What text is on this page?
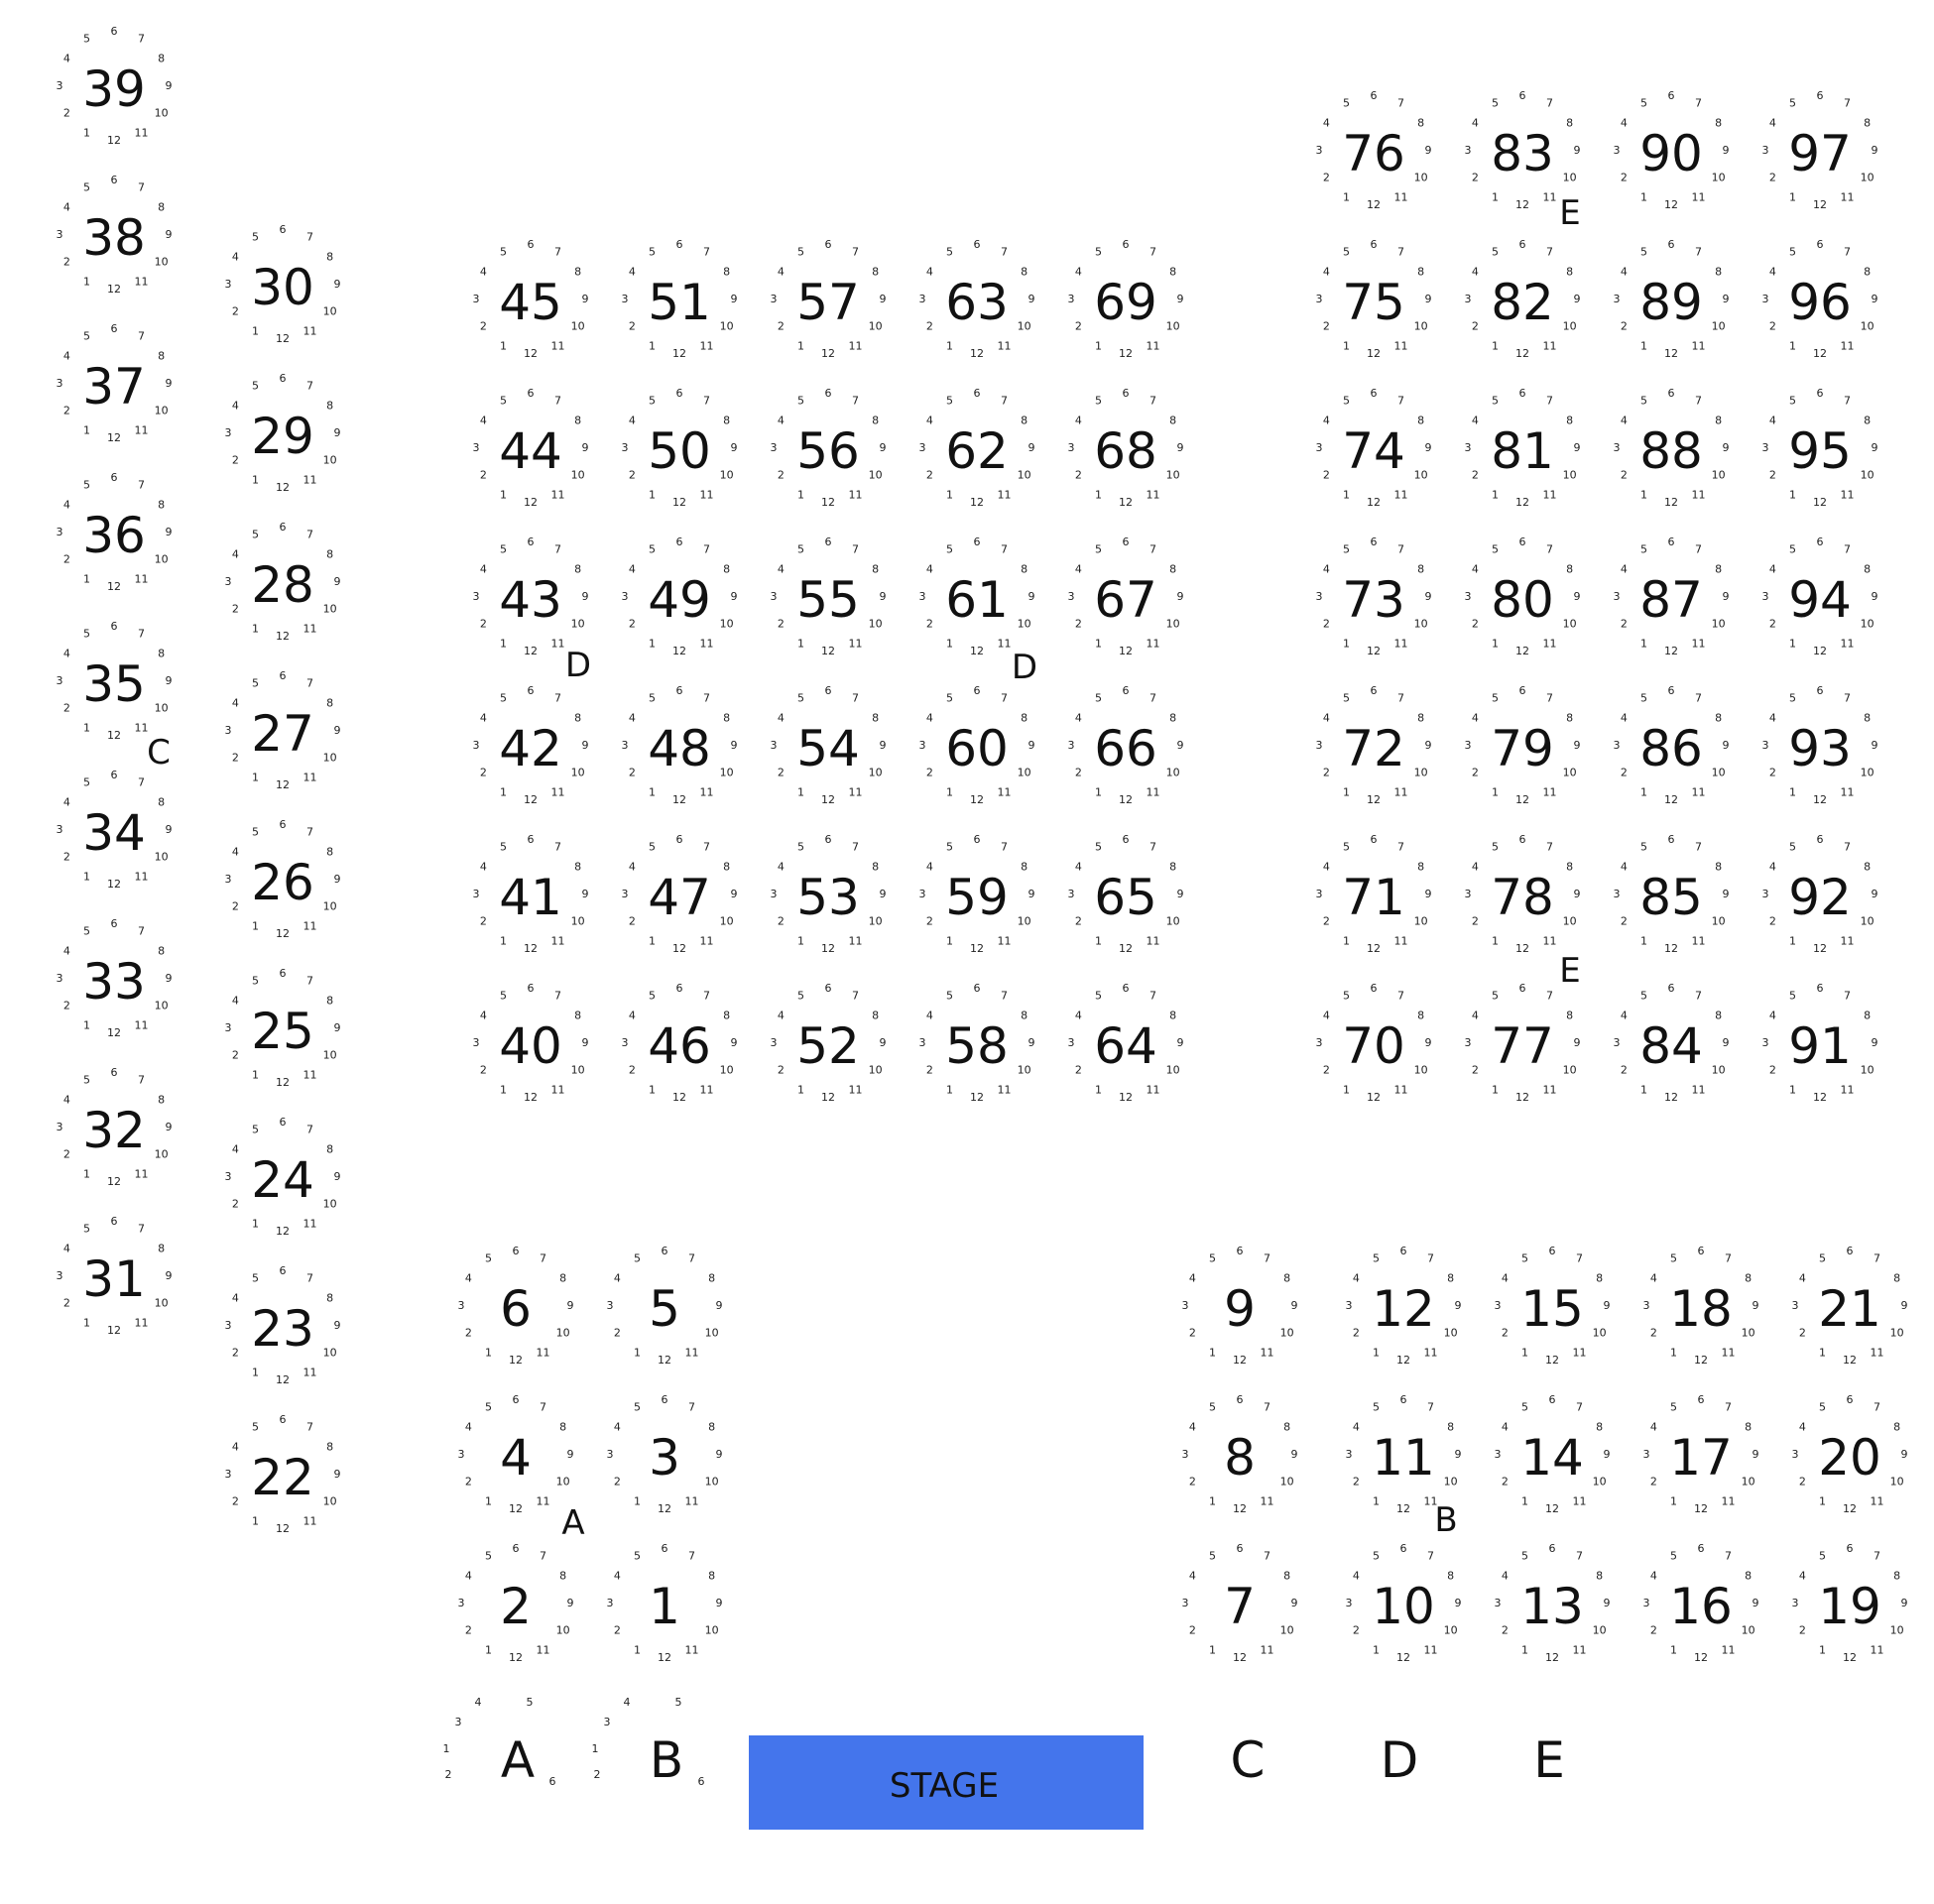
1
2
3
4
5
6
7
8
9
10
11
12
39
1
2
3
4
5
6
7
8
9
10
11
12
38
1
2
3
4
5
6
7
8
9
10
11
12
37
1
2
3
4
5
6
7
8
9
10
11
12
36
1
2
3
4
5
6
7
8
9
10
11
12
35
1
2
3
4
5
6
7
8
9
10
11
12
34
1
2
3
4
5
6
7
8
9
10
11
12
33
1
2
3
4
5
6
7
8
9
10
11
12
32
1
2
3
4
5
6
7
8
9
10
11
12
31
1
2
3
4
5
6
7
8
9
10
11
12
30
1
2
3
4
5
6
7
8
9
10
11
12
29
1
2
3
4
5
6
7
8
9
10
11
12
28
1
2
3
4
5
6
7
8
9
10
11
12
27
1
2
3
4
5
6
7
8
9
10
11
12
26
1
2
3
4
5
6
7
8
9
10
11
12
25
1
2
3
4
5
6
7
8
9
10
11
12
24
1
2
3
4
5
6
7
8
9
10
11
12
23
1
2
3
4
5
6
7
8
9
10
11
12
22
1
2
3
4
5
6
7
8
9
10
11
12
45
1
2
3
4
5
6
7
8
9
10
11
12
44
1
2
3
4
5
6
7
8
9
10
11
12
43
1
2
3
4
5
6
7
8
9
10
11
12
42
1
2
3
4
5
6
7
8
9
10
11
12
41
1
2
3
4
5
6
7
8
9
10
11
12
40
1
2
3
4
5
6
7
8
9
10
11
12
51
1
2
3
4
5
6
7
8
9
10
11
12
50
1
2
3
4
5
6
7
8
9
10
11
12
49
1
2
3
4
5
6
7
8
9
10
11
12
48
1
2
3
4
5
6
7
8
9
10
11
12
47
1
2
3
4
5
6
7
8
9
10
11
12
46
1
2
3
4
5
6
7
8
9
10
11
12
57
1
2
3
4
5
6
7
8
9
10
11
12
56
1
2
3
4
5
6
7
8
9
10
11
12
55
1
2
3
4
5
6
7
8
9
10
11
12
54
1
2
3
4
5
6
7
8
9
10
11
12
53
1
2
3
4
5
6
7
8
9
10
11
12
52
1
2
3
4
5
6
7
8
9
10
11
12
63
1
2
3
4
5
6
7
8
9
10
11
12
62
1
2
3
4
5
6
7
8
9
10
11
12
61
1
2
3
4
5
6
7
8
9
10
11
12
60
1
2
3
4
5
6
7
8
9
10
11
12
59
1
2
3
4
5
6
7
8
9
10
11
12
58
1
2
3
4
5
6
7
8
9
10
11
12
69
1
2
3
4
5
6
7
8
9
10
11
12
68
1
2
3
4
5
6
7
8
9
10
11
12
67
1
2
3
4
5
6
7
8
9
10
11
12
66
1
2
3
4
5
6
7
8
9
10
11
12
65
1
2
3
4
5
6
7
8
9
10
11
12
64
1
2
3
4
5
6
7
8
9
10
11
12
76
1
2
3
4
5
6
7
8
9
10
11
12
75
1
2
3
4
5
6
7
8
9
10
11
12
74
1
2
3
4
5
6
7
8
9
10
11
12
73
1
2
3
4
5
6
7
8
9
10
11
12
72
1
2
3
4
5
6
7
8
9
10
11
12
71
1
2
3
4
5
6
7
8
9
10
11
12
70
1
2
3
4
5
6
7
8
9
10
11
12
83
1
2
3
4
5
6
7
8
9
10
11
12
82
1
2
3
4
5
6
7
8
9
10
11
12
81
1
2
3
4
5
6
7
8
9
10
11
12
80
1
2
3
4
5
6
7
8
9
10
11
12
79
1
2
3
4
5
6
7
8
9
10
11
12
78
1
2
3
4
5
6
7
8
9
10
11
12
77
1
2
3
4
5
6
7
8
9
10
11
12
90
1
2
3
4
5
6
7
8
9
10
11
12
89
1
2
3
4
5
6
7
8
9
10
11
12
88
1
2
3
4
5
6
7
8
9
10
11
12
87
1
2
3
4
5
6
7
8
9
10
11
12
86
1
2
3
4
5
6
7
8
9
10
11
12
85
1
2
3
4
5
6
7
8
9
10
11
12
84
1
2
3
4
5
6
7
8
9
10
11
12
97
1
2
3
4
5
6
7
8
9
10
11
12
96
1
2
3
4
5
6
7
8
9
10
11
12
95
1
2
3
4
5
6
7
8
9
10
11
12
94
1
2
3
4
5
6
7
8
9
10
11
12
93
1
2
3
4
5
6
7
8
9
10
11
12
92
1
2
3
4
5
6
7
8
9
10
11
12
91
1
2
3
4
5
6
7
8
9
10
11
12
6
1
2
3
4
5
6
7
8
9
10
11
12
5
1
2
3
4
5
6
7
8
9
10
11
12
4
1
2
3
4
5
6
7
8
9
10
11
12
3
1
2
3
4
5
6
7
8
9
10
11
12
2
1
2
3
4
5
6
7
8
9
10
11
12
1
1
2
3
4
5
6
7
8
9
10
11
12
9
1
2
3
4
5
6
7
8
9
10
11
12
8
1
2
3
4
5
6
7
8
9
10
11
12
7
1
2
3
4
5
6
7
8
9
10
11
12
12
1
2
3
4
5
6
7
8
9
10
11
12
11
1
2
3
4
5
6
7
8
9
10
11
12
10
1
2
3
4
5
6
7
8
9
10
11
12
15
1
2
3
4
5
6
7
8
9
10
11
12
14
1
2
3
4
5
6
7
8
9
10
11
12
13
1
2
3
4
5
6
7
8
9
10
11
12
18
1
2
3
4
5
6
7
8
9
10
11
12
17
1
2
3
4
5
6
7
8
9
10
11
12
16
1
2
3
4
5
6
7
8
9
10
11
12
21
1
2
3
4
5
6
7
8
9
10
11
12
20
1
2
3
4
5
6
7
8
9
10
11
12
19
1
2
3
4	5
6
A	1
2
3
4	5
6
B	C D E
C
D	D
E
E
A	B
STAGE
